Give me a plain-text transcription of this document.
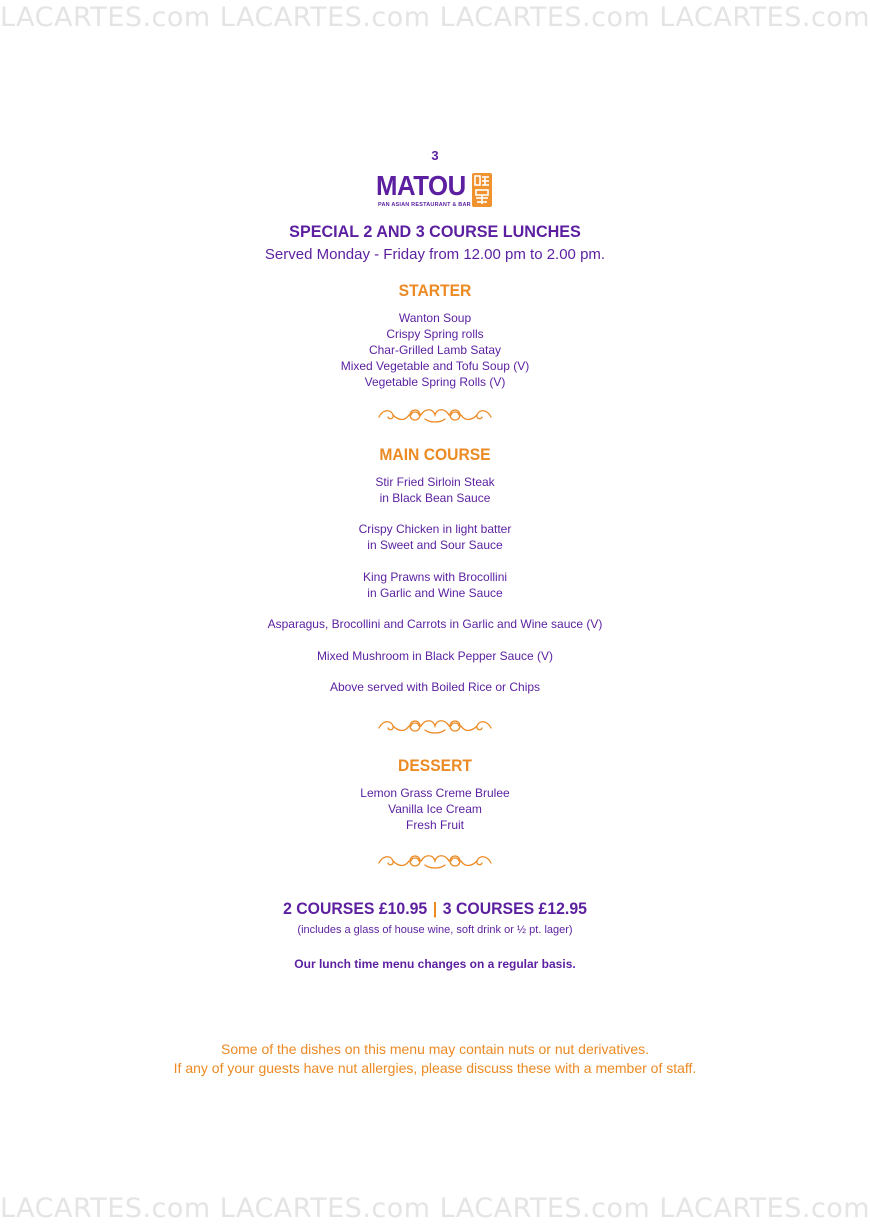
LACARTES.com LACARTES.com LACARTES.com LACARTES.com
3
MATOU
PAN ASIAN RESTAURANT & BAR
SPECIAL 2 AND 3 COURSE LUNCHES
Served Monday - Friday from 12.00 pm to 2.00 pm.
STARTER
Wanton Soup
Crispy Spring rolls
Char-Grilled Lamb Satay
Mixed Vegetable and Tofu Soup (V)
Vegetable Spring Rolls (V)
MAIN COURSE
Stir Fried Sirloin Steak
in Black Bean Sauce
Crispy Chicken in light batter
in Sweet and Sour Sauce
King Prawns with Brocollini
in Garlic and Wine Sauce
Asparagus, Brocollini and Carrots in Garlic and Wine sauce (V)
Mixed Mushroom in Black Pepper Sauce (V)
Above served with Boiled Rice or Chips
DESSERT
Lemon Grass Creme Brulee
Vanilla Ice Cream
Fresh Fruit
2 COURSES £10.95 | 3 COURSES £12.95
(includes a glass of house wine, soft drink or ½ pt. lager)
Our lunch time menu changes on a regular basis.
Some of the dishes on this menu may contain nuts or nut derivatives.
If any of your guests have nut allergies, please discuss these with a member of staff.
LACARTES.com LACARTES.com LACARTES.com LACARTES.com
